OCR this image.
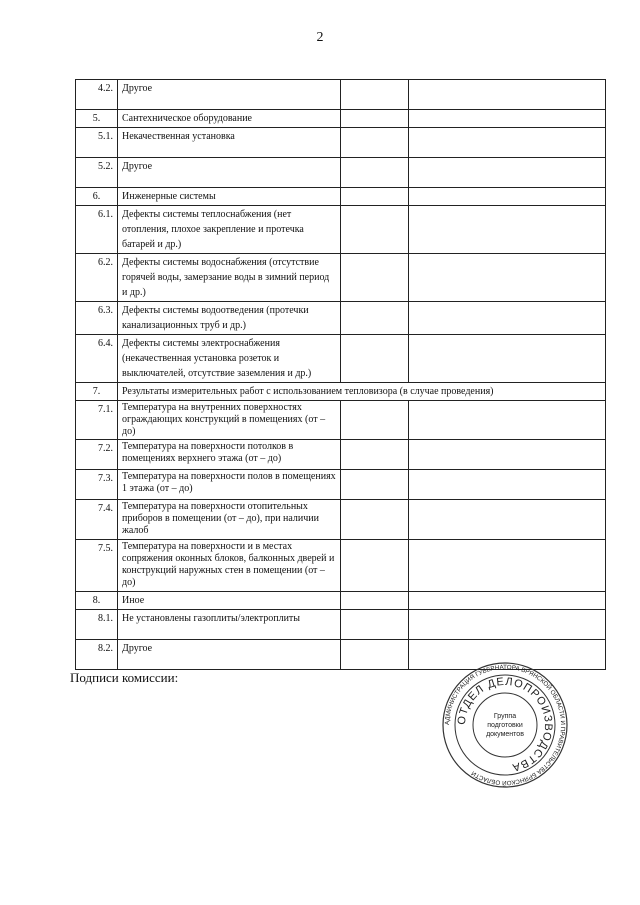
2
4.2.	Другое		
5.	Сантехническое оборудование		
5.1.	Некачественная установка		
5.2.	Другое		
6.	Инженерные системы		
6.1.	Дефекты системы теплоснабжения (нет отопления, плохое закрепление и протечка батарей и др.)		
6.2.	Дефекты системы водоснабжения (отсутствие горячей воды, замерзание воды в зимний период и др.)		
6.3.	Дефекты системы водоотведения (протечки канализационных труб и др.)		
6.4.	Дефекты системы электроснабжения (некачественная установка розеток и выключателей, отсутствие заземления и др.)		
7.	Результаты измерительных работ с использованием тепловизора (в случае проведения)		
7.1.	Температура на внутренних поверхностях ограждающих конструкций в помещениях (от – до)		
7.2.	Температура на поверхности потолков в помещениях верхнего этажа (от – до)		
7.3.	Температура на поверхности полов в помещениях 1 этажа (от – до)		
7.4.	Температура на поверхности отопительных приборов в помещении (от – до), при наличии жалоб		
7.5.	Температура на поверхности и в местах сопряжения оконных блоков, балконных дверей и конструкций наружных стен в помещении (от – до)		
8.	Иное		
8.1.	Не установлены газоплиты/электроплиты		
8.2.	Другое		
Подписи комиссии:
АДМИНИСТРАЦИЯ ГУБЕРНАТОРА БРЯНСКОЙ ОБЛАСТИ И ПРАВИТЕЛЬСТВА БРЯНСКОЙ ОБЛАСТИ
ОТДЕЛ ДЕЛОПРОИЗВОДСТВА
Группа
подготовки
документов
